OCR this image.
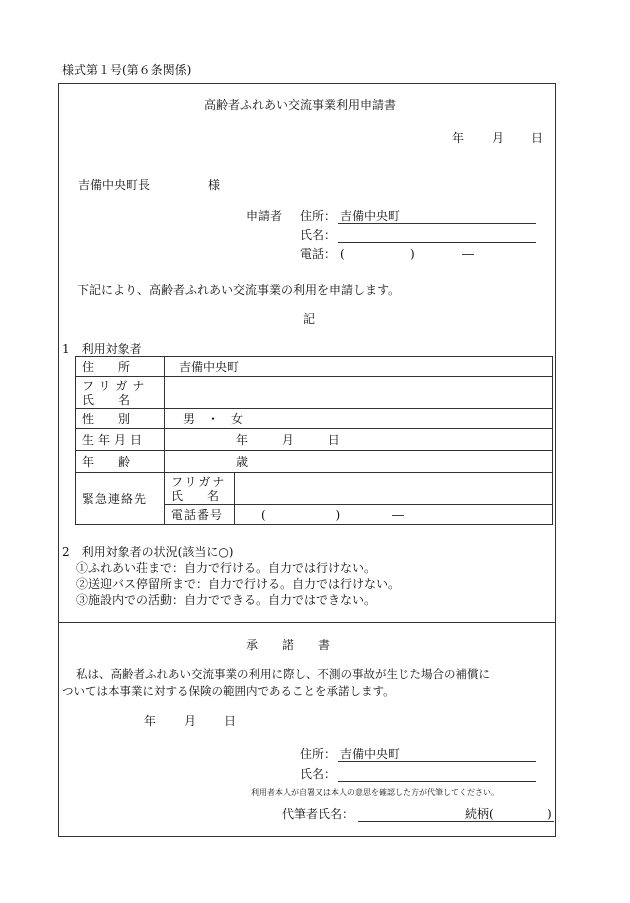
様式第１号(第６条関係)
高齢者ふれあい交流事業利用申請書
年 月 日
吉備中央町長	様
申請者 住所： 吉備中央町
氏名：
電話： (	)	―
下記により、高齢者ふれあい交流事業の利用を申請します。
記
1　利用対象者
住　　所	吉備中央町	

フリガナ
氏　　名		

性　　別	男　・　女	
生年月日	年 月 日	
年　　齢	歳	
緊急連絡先	フリガナ
氏　　名	

	電話番号	( ) ―
2　利用対象者の状況(該当に○)
①ふれあい荘まで：自力で行ける。自力では行けない。
②送迎バス停留所まで：自力で行ける。自力では行けない。
③施設内での活動：自力でできる。自力ではできない。
承　　諾　　書
私は、高齢者ふれあい交流事業の利用に際し、不測の事故が生じた場合の補償に
ついては本事業に対する保険の範囲内であることを承諾します。
年 月 日
住所： 吉備中央町
氏名：
利用者本人が自署又は本人の意思を確認した方が代筆してください。
代筆者氏名：	続柄(	)
